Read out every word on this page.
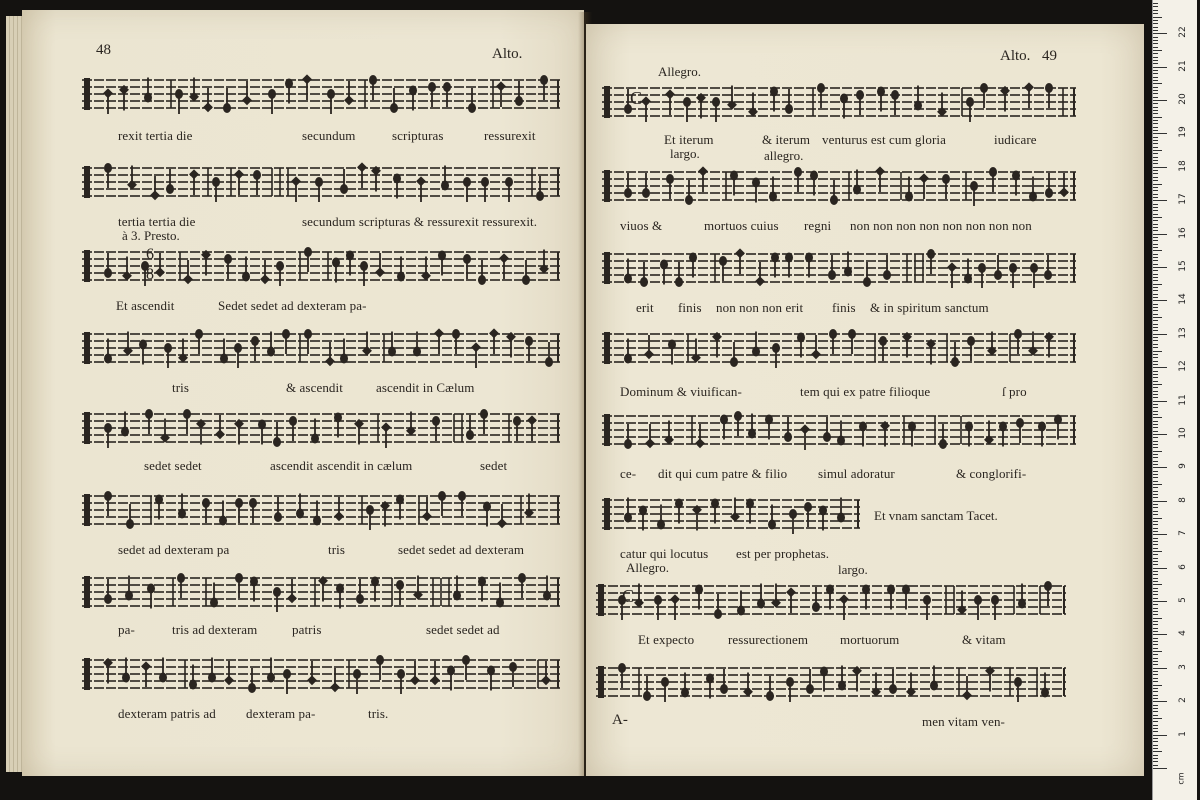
48	Alto.
rexit tertia die	secundum	scripturas	ressurexit
tertia tertia die	secundum scripturas & ressurexit ressurexit.
à 3. Presto.
6
8
Et ascendit	Sedet sedet ad dexteram pa-
tris	& ascendit	ascendit in Cælum
sedet sedet	ascendit ascendit in cælum	sedet
sedet ad dexteram pa	tris	sedet sedet ad dexteram
pa-	tris ad dexteram	patris	sedet sedet ad
dexteram patris ad dexteram pa-	tris.
Alto. 49
Allegro.
C
Et iterum	& iterum venturus est cum gloria	iudicare
largo.	allegro.
viuos &	mortuos cuius regni non non non non non non non non
erit finis non non non erit finis & in spiritum sanctum
Dominum & viuifican-	tem qui ex patre filioque	ſ pro
ce- dit qui cum patre & filio simul adoratur	& conglorifi-
Et vnam sanctam Tacet.
catur qui locutus est per prophetas.
Allegro.	largo.
C
Et expecto	ressurectionem mortuorum	& vitam
A-	men vitam ven-
1
2
3
4
5
6
7
8
9
10
11
12
13
14
15
16
17
18
19
20
21
22
cm
